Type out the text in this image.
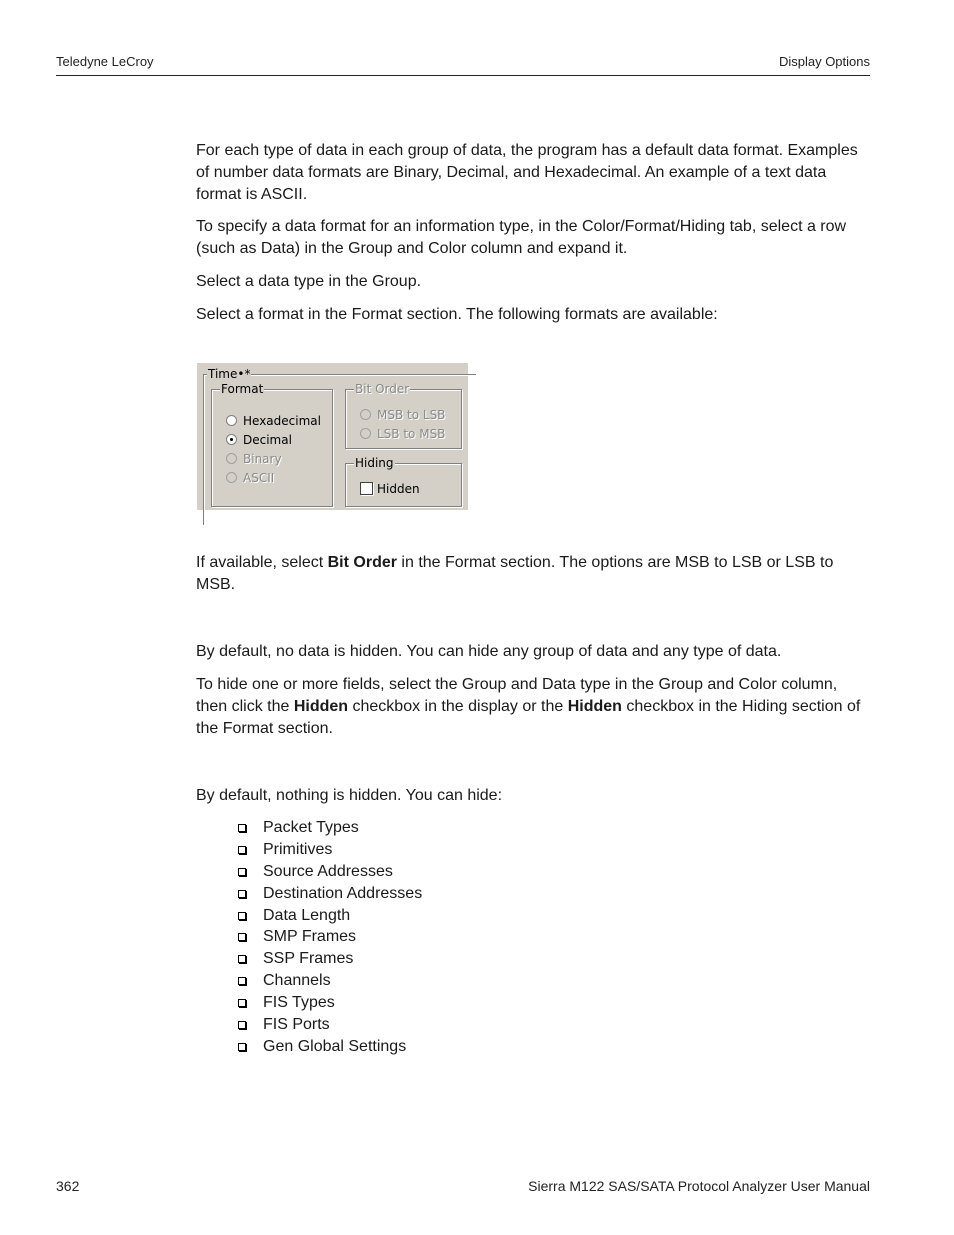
Teledyne LeCroy	Display Options

For each type of data in each group of data, the program has a default data format. Examples of number data formats are Binary, Decimal, and Hexadecimal. An example of a text data format is ASCII.

To specify a data format for an information type, in the Color/Format/Hiding tab, select a row (such as Data) in the Group and Color column and expand it.

Select a data type in the Group.

Select a format in the Format section. The following formats are available:

Time•*
Format
Hexadecimal
Decimal
Binary
ASCII
Bit Order
MSB to LSB
LSB to MSB
Hiding
Hidden

If available, select Bit Order in the Format section. The options are MSB to LSB or LSB to MSB.

By default, no data is hidden. You can hide any group of data and any type of data.

To hide one or more fields, select the Group and Data type in the Group and Color column, then click the Hidden checkbox in the display or the Hidden checkbox in the Hiding section of the Format section.

By default, nothing is hidden. You can hide:

Packet Types
Primitives
Source Addresses
Destination Addresses
Data Length
SMP Frames
SSP Frames
Channels
FIS Types
FIS Ports
Gen Global Settings
362	Sierra M122 SAS/SATA Protocol Analyzer User Manual
